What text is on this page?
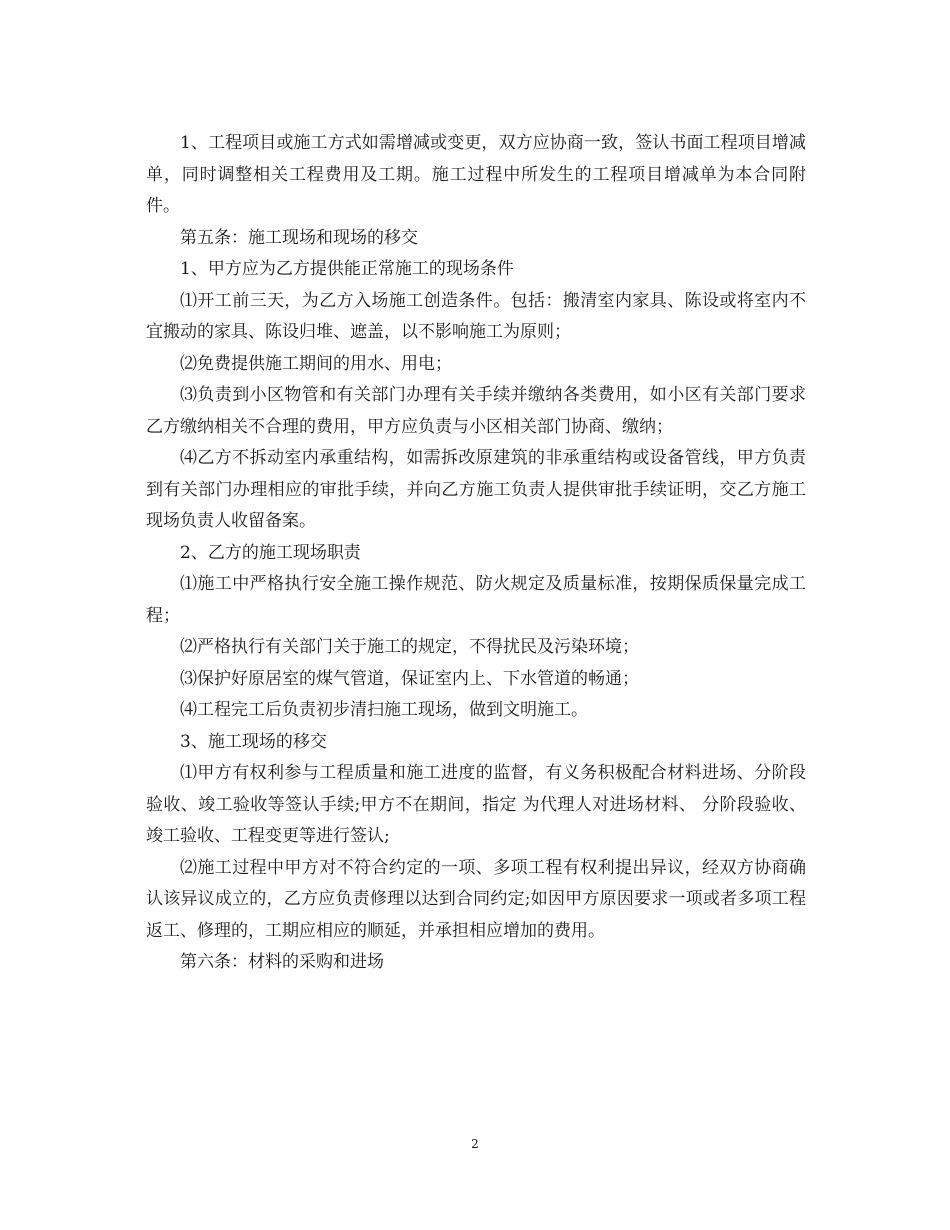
1、工程项目或施工方式如需增减或变更，双方应协商一致，签认书面工程项目增减单，同时调整相关工程费用及工期。施工过程中所发生的工程项目增减单为本合同附件。

第五条：施工现场和现场的移交

1、甲方应为乙方提供能正常施工的现场条件

⑴开工前三天，为乙方入场施工创造条件。包括：搬清室内家具、陈设或将室内不宜搬动的家具、陈设归堆、遮盖，以不影响施工为原则；

⑵免费提供施工期间的用水、用电；

⑶负责到小区物管和有关部门办理有关手续并缴纳各类费用，如小区有关部门要求乙方缴纳相关不合理的费用，甲方应负责与小区相关部门协商、缴纳；

⑷乙方不拆动室内承重结构，如需拆改原建筑的非承重结构或设备管线，甲方负责到有关部门办理相应的审批手续，并向乙方施工负责人提供审批手续证明，交乙方施工现场负责人收留备案。

2、乙方的施工现场职责

⑴施工中严格执行安全施工操作规范、防火规定及质量标准，按期保质保量完成工程；

⑵严格执行有关部门关于施工的规定，不得扰民及污染环境；

⑶保护好原居室的煤气管道，保证室内上、下水管道的畅通；

⑷工程完工后负责初步清扫施工现场，做到文明施工。

3、施工现场的移交

⑴甲方有权利参与工程质量和施工进度的监督，有义务积极配合材料进场、分阶段验收、竣工验收等签认手续;甲方不在期间，指定 为代理人对进场材料、 分阶段验收、竣工验收、工程变更等进行签认;

⑵施工过程中甲方对不符合约定的一项、多项工程有权利提出异议，经双方协商确认该异议成立的，乙方应负责修理以达到合同约定;如因甲方原因要求一项或者多项工程返工、修理的，工期应相应的顺延，并承担相应增加的费用。

第六条：材料的采购和进场

2
